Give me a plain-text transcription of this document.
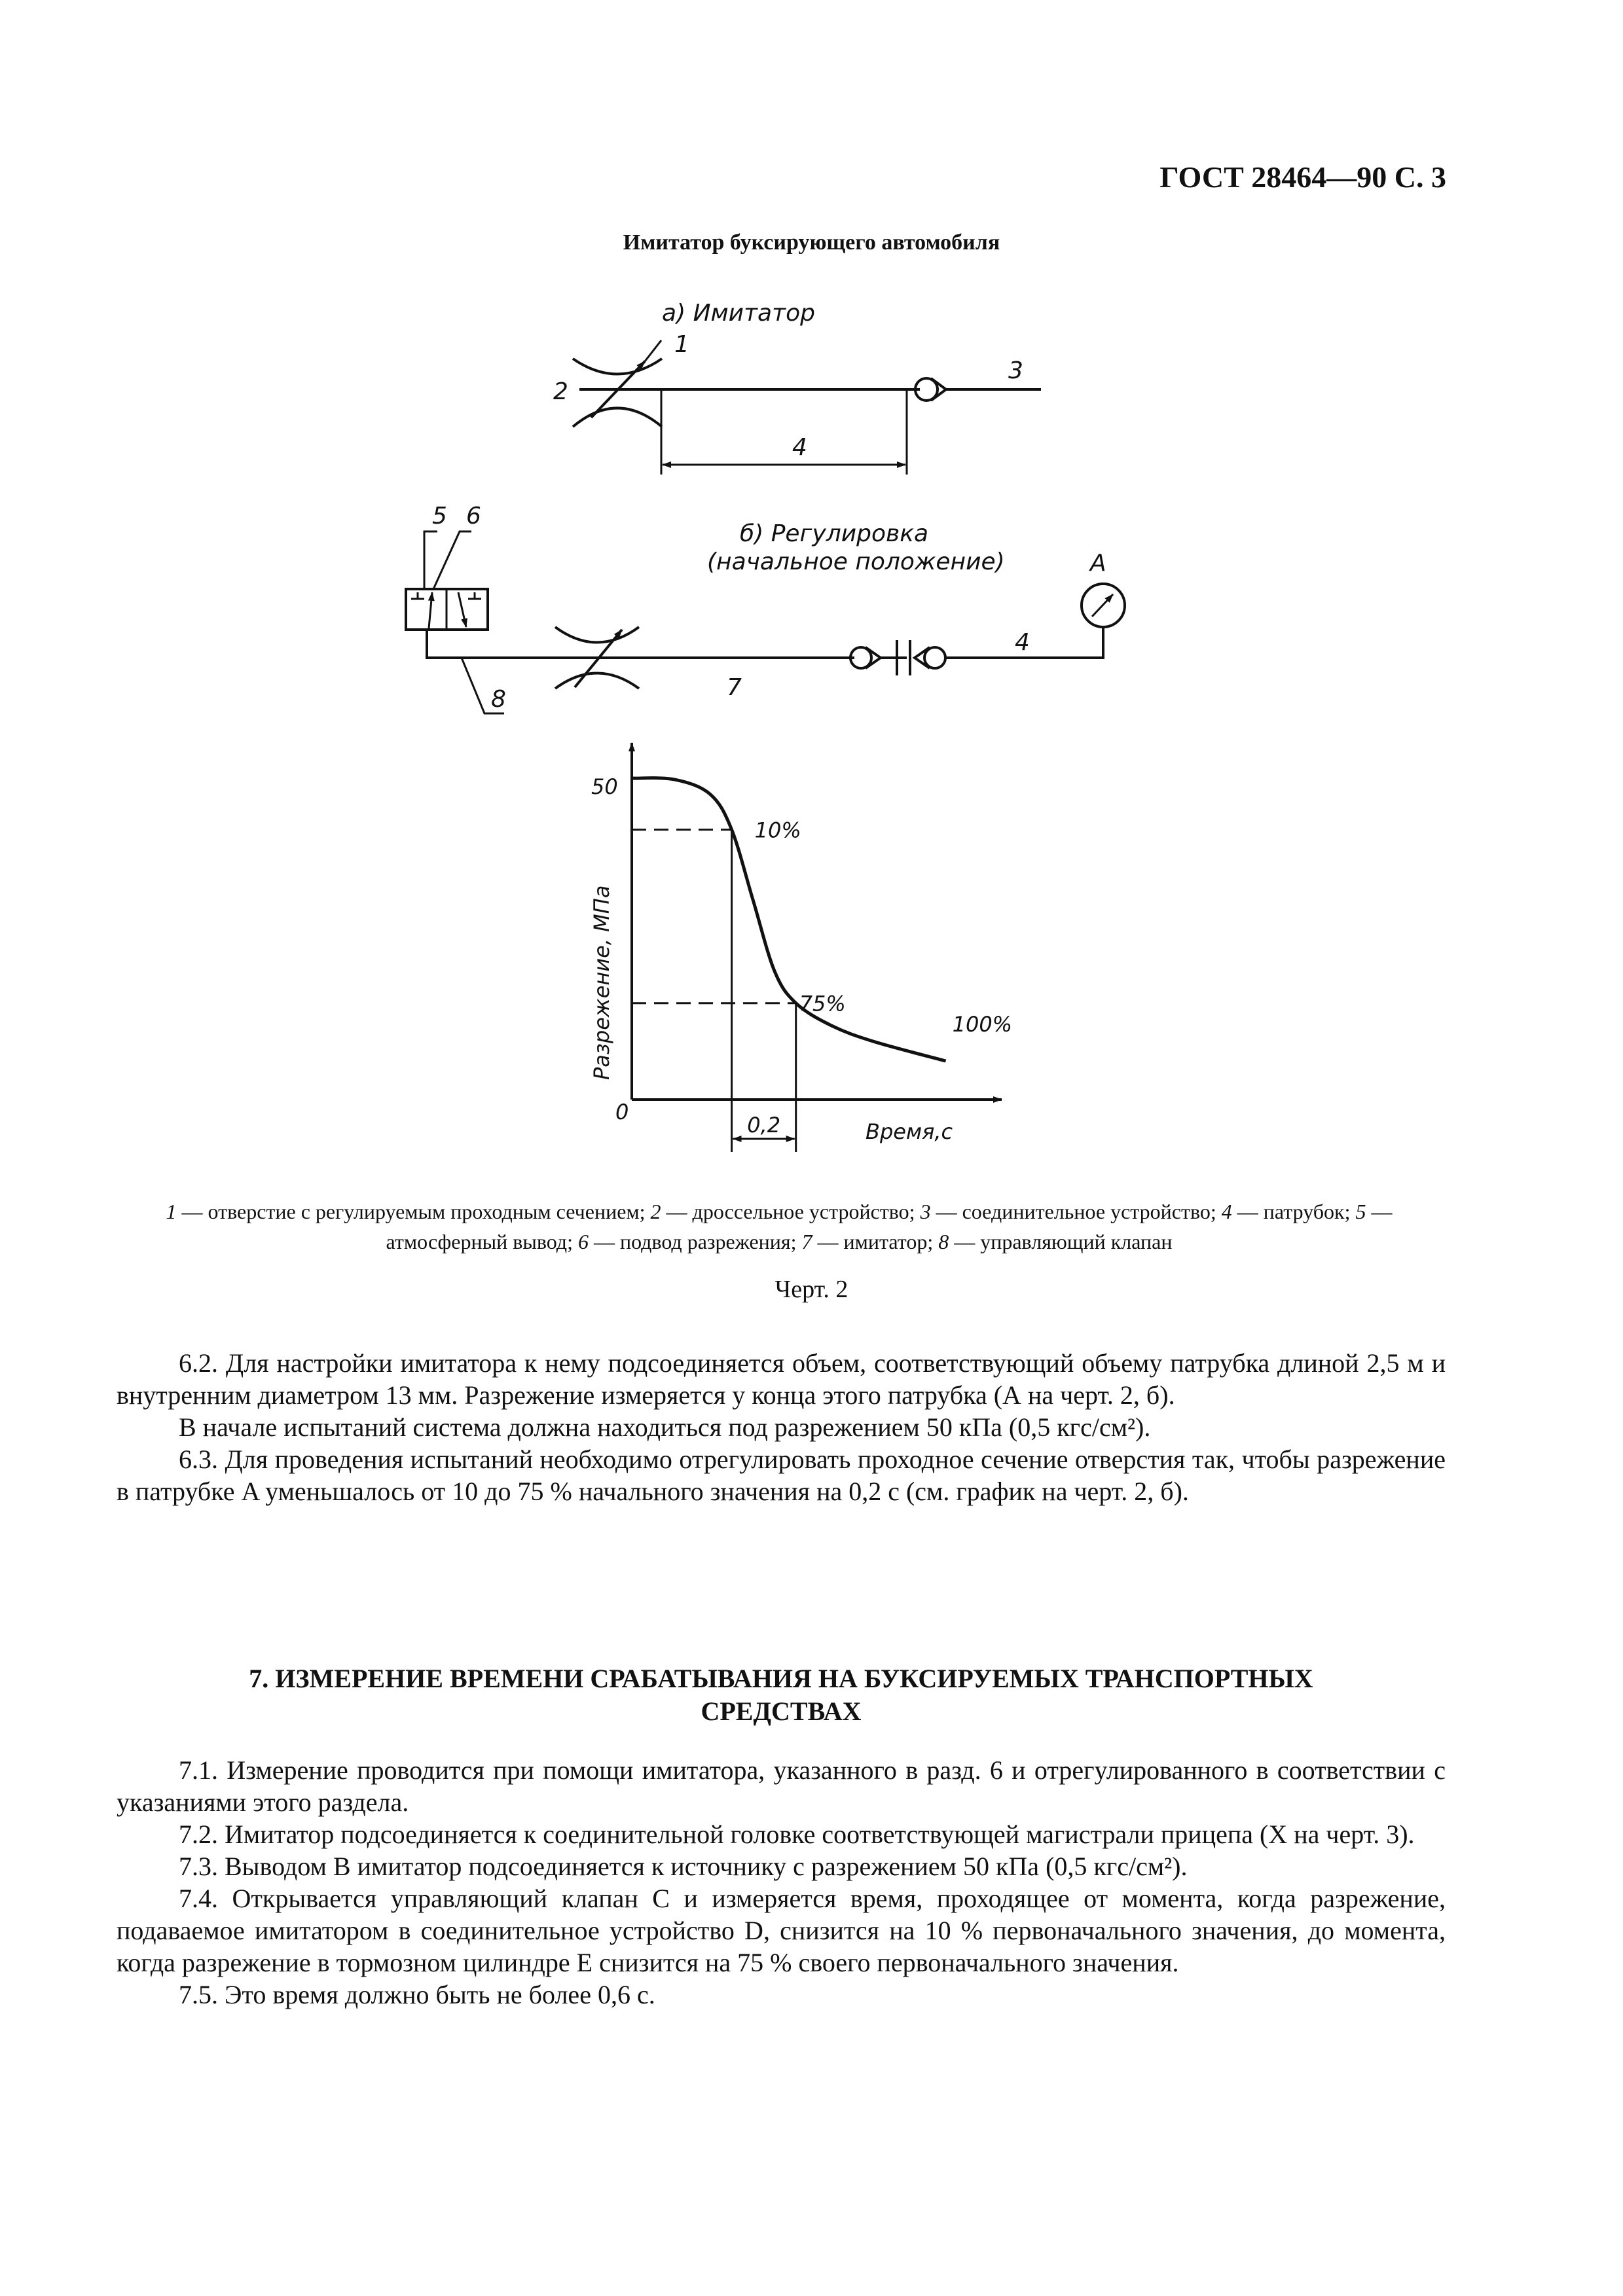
ГОСТ 28464—90 С. 3
Имитатор буксирующего автомобиля
а) Имитатор
1
2
3
4
б) Регулировка
(начальное положение)
5 6
8	7
A
4
50
0
Разрежение, МПа
Время,с
0,2
10%
75%
100%
1 — отверстие с регулируемым проходным сечением; 2 — дроссельное устройство; 3 — соединительное устройство; 4 — патрубок; 5 — атмосферный вывод; 6 — подвод разрежения; 7 — имитатор; 8 — управляющий клапан
Черт. 2

6.2. Для настройки имитатора к нему подсоединяется объем, соответствующий объему патрубка длиной 2,5 м и внутренним диаметром 13 мм. Разрежение измеряется у конца этого патрубка (А на черт. 2, б).

В начале испытаний система должна находиться под разрежением 50 кПа (0,5 кгс/см²).

6.3. Для проведения испытаний необходимо отрегулировать проходное сечение отверстия так, чтобы разрежение в патрубке A уменьшалось от 10 до 75 % начального значения на 0,2 с (см. график на черт. 2, б).

7. ИЗМЕРЕНИЕ ВРЕМЕНИ СРАБАТЫВАНИЯ НА БУКСИРУЕМЫХ ТРАНСПОРТНЫХ
СРЕДСТВАХ

7.1. Измерение проводится при помощи имитатора, указанного в разд. 6 и отрегулированного в соответствии с указаниями этого раздела.

7.2. Имитатор подсоединяется к соединительной головке соответствующей магистрали прицепа (X на черт. 3).

7.3. Выводом B имитатор подсоединяется к источнику с разрежением 50 кПа (0,5 кгс/см²).

7.4. Открывается управляющий клапан C и измеряется время, проходящее от момента, когда разрежение, подаваемое имитатором в соединительное устройство D, снизится на 10 % первоначального значения, до момента, когда разрежение в тормозном цилиндре E снизится на 75 % своего первоначального значения.

7.5. Это время должно быть не более 0,6 с.
